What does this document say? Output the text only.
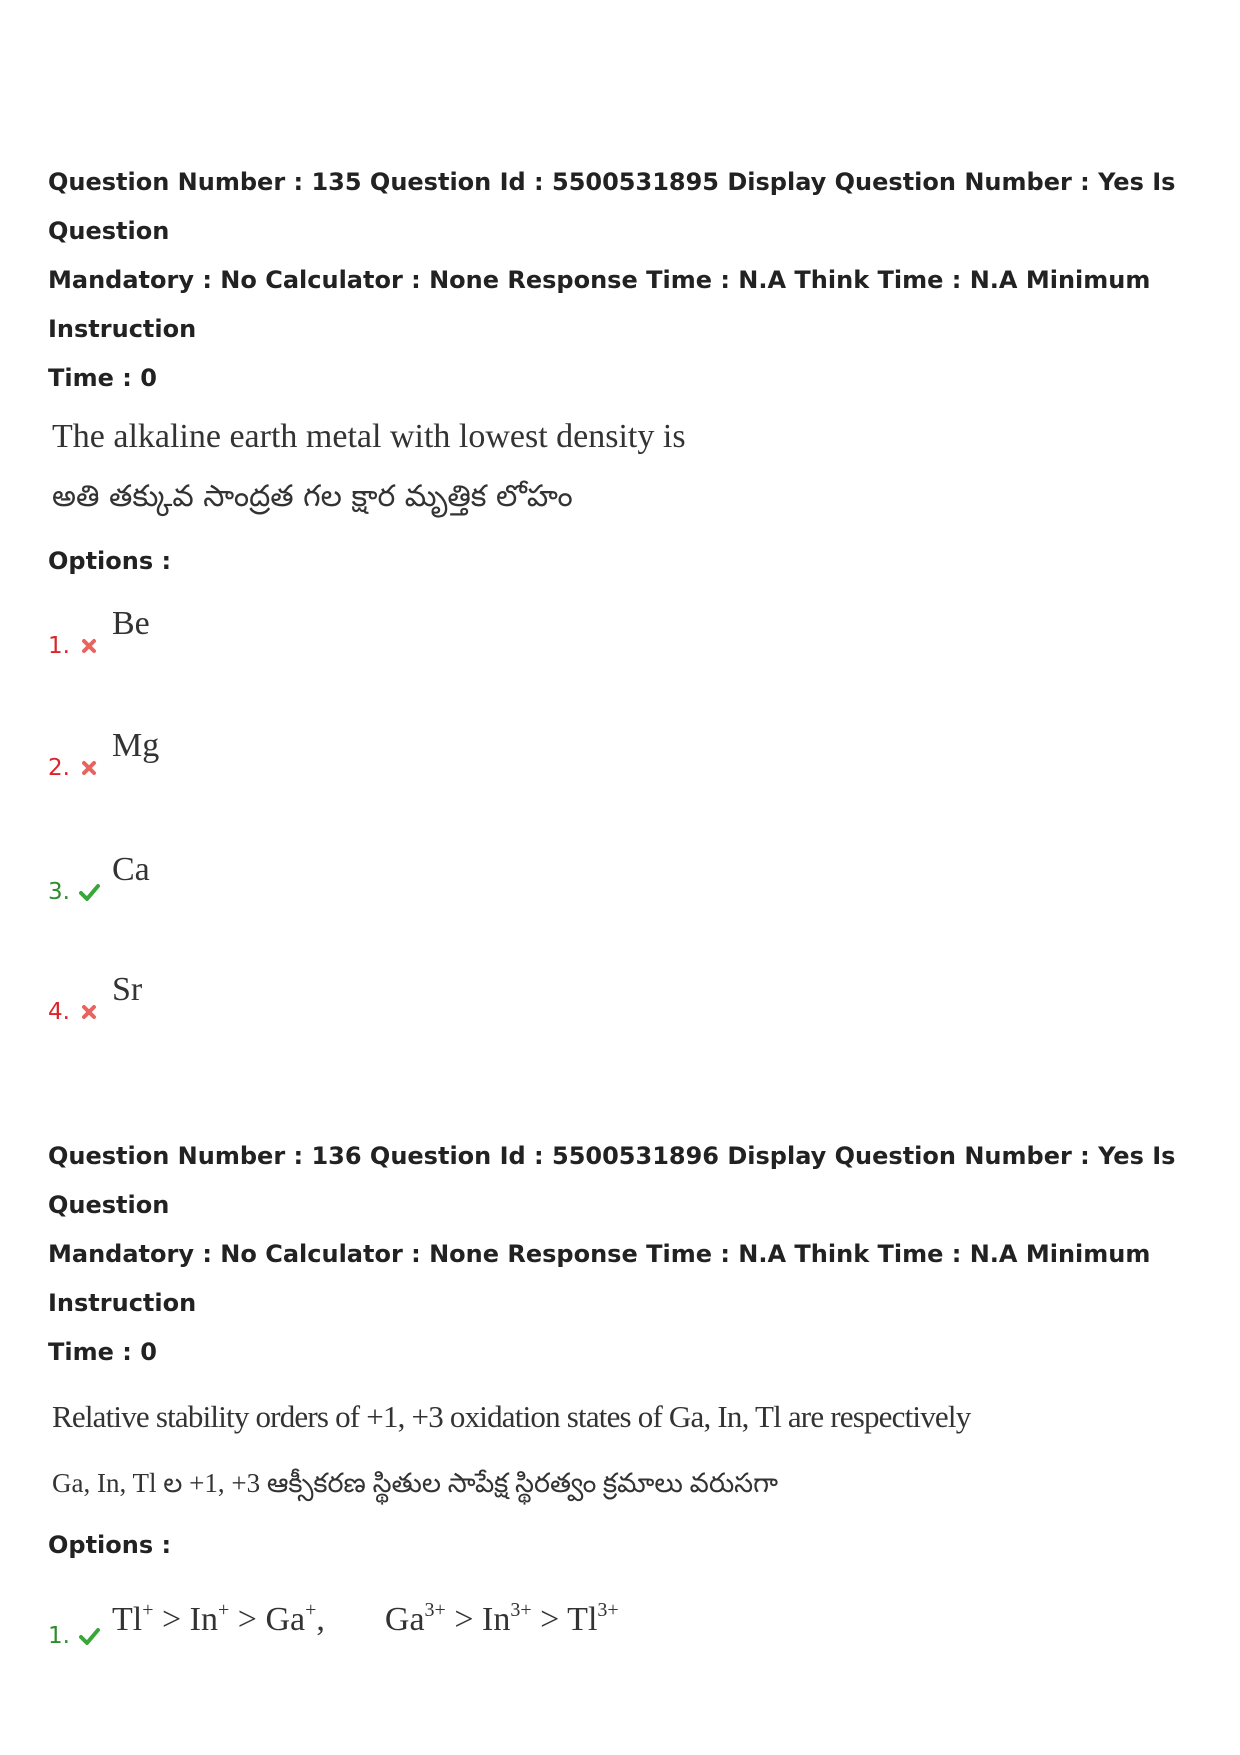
Question Number : 135 Question Id : 5500531895 Display Question Number : Yes Is Question

Mandatory : No Calculator : None Response Time : N.A Think Time : N.A Minimum Instruction

Time : 0

The alkaline earth metal with lowest density is

అతి తక్కువ సాంద్రత గల క్షార మృత్తిక లోహం

Options :

1.
Be
2.
Mg
3.
Ca
4.
Sr

Question Number : 136 Question Id : 5500531896 Display Question Number : Yes Is Question

Mandatory : No Calculator : None Response Time : N.A Think Time : N.A Minimum Instruction

Time : 0

Relative stability orders of +1, +3 oxidation states of Ga, In, Tl are respectively

Ga, In, Tl ల +1, +3 ఆక్సీకరణ స్థితుల సాపేక్ష స్థిరత్వం క్రమాలు వరుసగా

Options :

1. Tl+ > In+ > Ga+, $Ga^{3+} > In^{3+} > Tl^{3+}$
